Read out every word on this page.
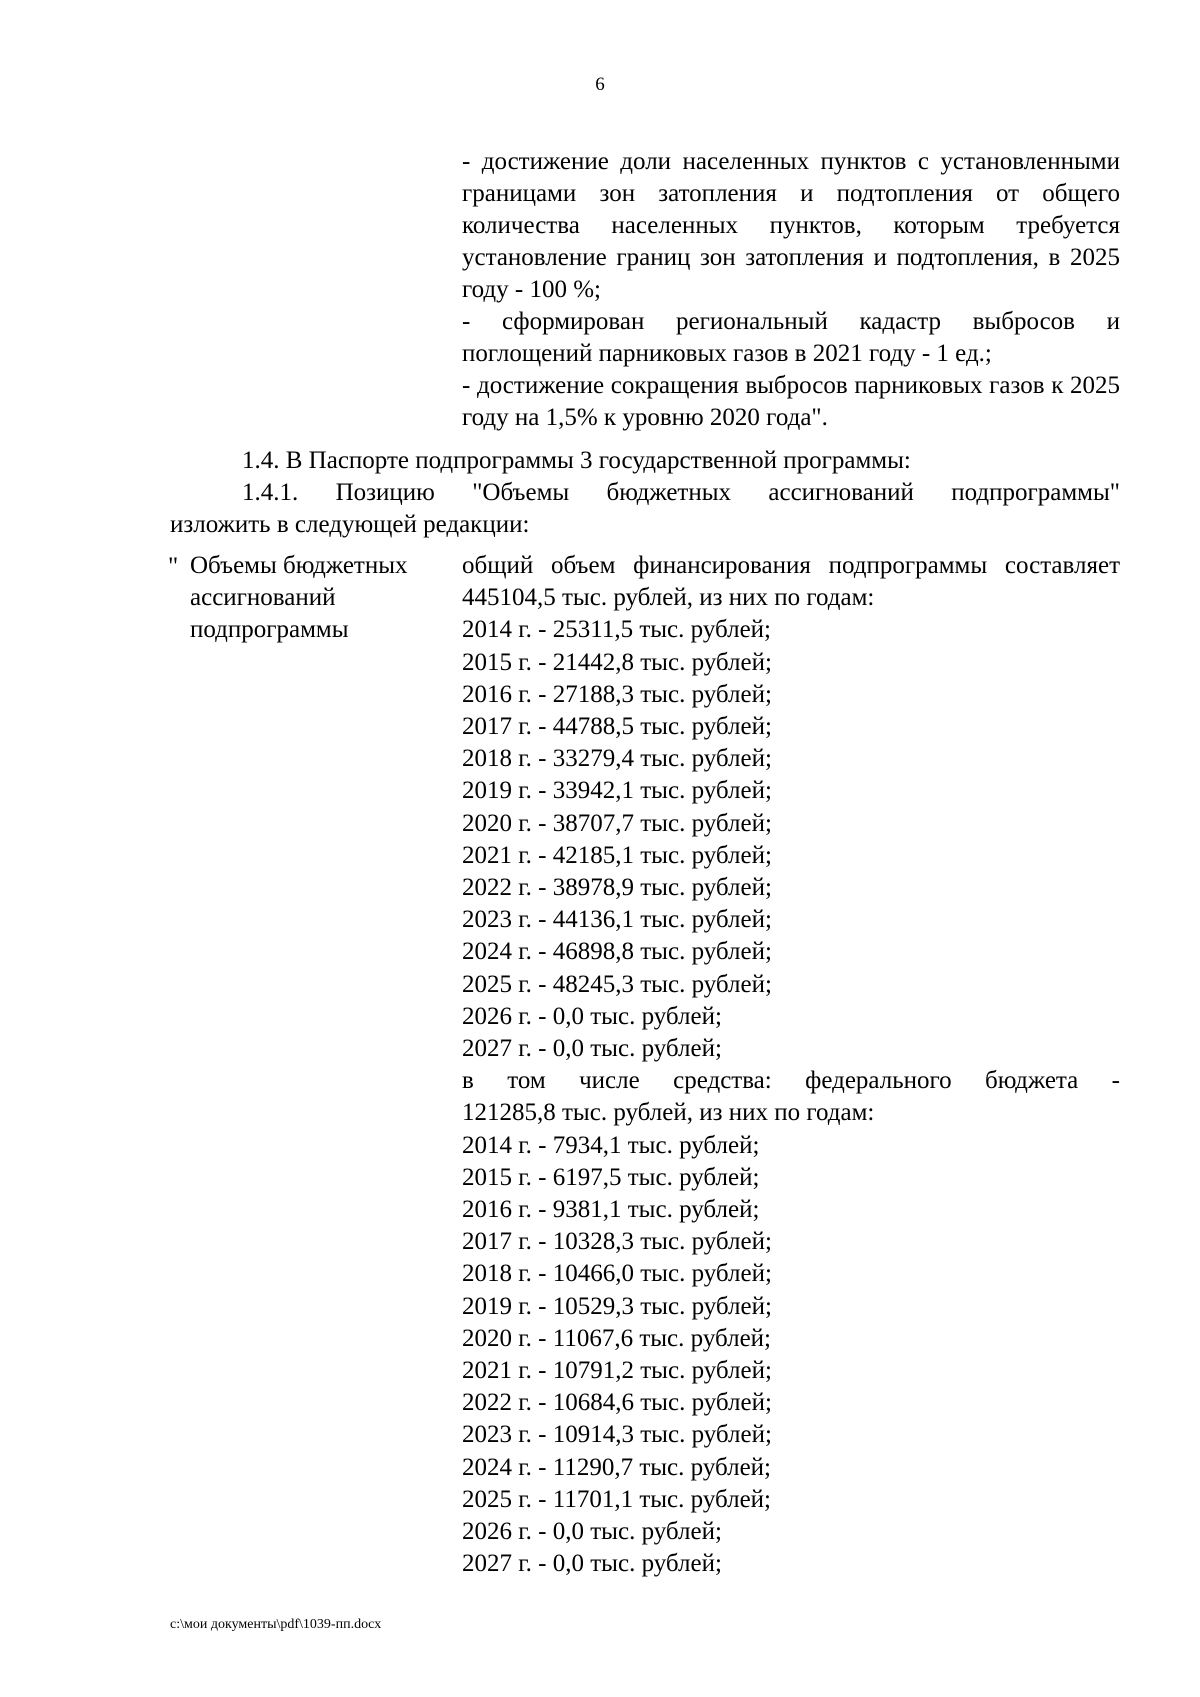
6

- достижение доли населенных пунктов с установленными границами зон затопления и подтопления от общего количества населенных пунктов, которым требуется установление границ зон затопления и подтопления, в 2025 году - 100 %;

- сформирован региональный кадастр выбросов и поглощений парниковых газов в 2021 году - 1 ед.;

- достижение сокращения выбросов парниковых газов к 2025 году на 1,5% к уровню 2020 года".

1.4. В Паспорте подпрограммы 3 государственной программы:

1.4.1. Позицию "Объемы бюджетных ассигнований подпрограммы"

изложить в следующей редакции:

" Объемы бюджетных
ассигнований
подпрограммы
общий объем финансирования подпрограммы составляет
445104,5 тыс. рублей, из них по годам:
2014 г. - 25311,5 тыс. рублей;
2015 г. - 21442,8 тыс. рублей;
2016 г. - 27188,3 тыс. рублей;
2017 г. - 44788,5 тыс. рублей;
2018 г. - 33279,4 тыс. рублей;
2019 г. - 33942,1 тыс. рублей;
2020 г. - 38707,7 тыс. рублей;
2021 г. - 42185,1 тыс. рублей;
2022 г. - 38978,9 тыс. рублей;
2023 г. - 44136,1 тыс. рублей;
2024 г. - 46898,8 тыс. рублей;
2025 г. - 48245,3 тыс. рублей;
2026 г. - 0,0 тыс. рублей;
2027 г. - 0,0 тыс. рублей;
в том числе средства: федерального бюджета -
121285,8 тыс. рублей, из них по годам:
2014 г. - 7934,1 тыс. рублей;
2015 г. - 6197,5 тыс. рублей;
2016 г. - 9381,1 тыс. рублей;
2017 г. - 10328,3 тыс. рублей;
2018 г. - 10466,0 тыс. рублей;
2019 г. - 10529,3 тыс. рублей;
2020 г. - 11067,6 тыс. рублей;
2021 г. - 10791,2 тыс. рублей;
2022 г. - 10684,6 тыс. рублей;
2023 г. - 10914,3 тыс. рублей;
2024 г. - 11290,7 тыс. рублей;
2025 г. - 11701,1 тыс. рублей;
2026 г. - 0,0 тыс. рублей;
2027 г. - 0,0 тыс. рублей;
c:\мои документы\pdf\1039-пп.docx
